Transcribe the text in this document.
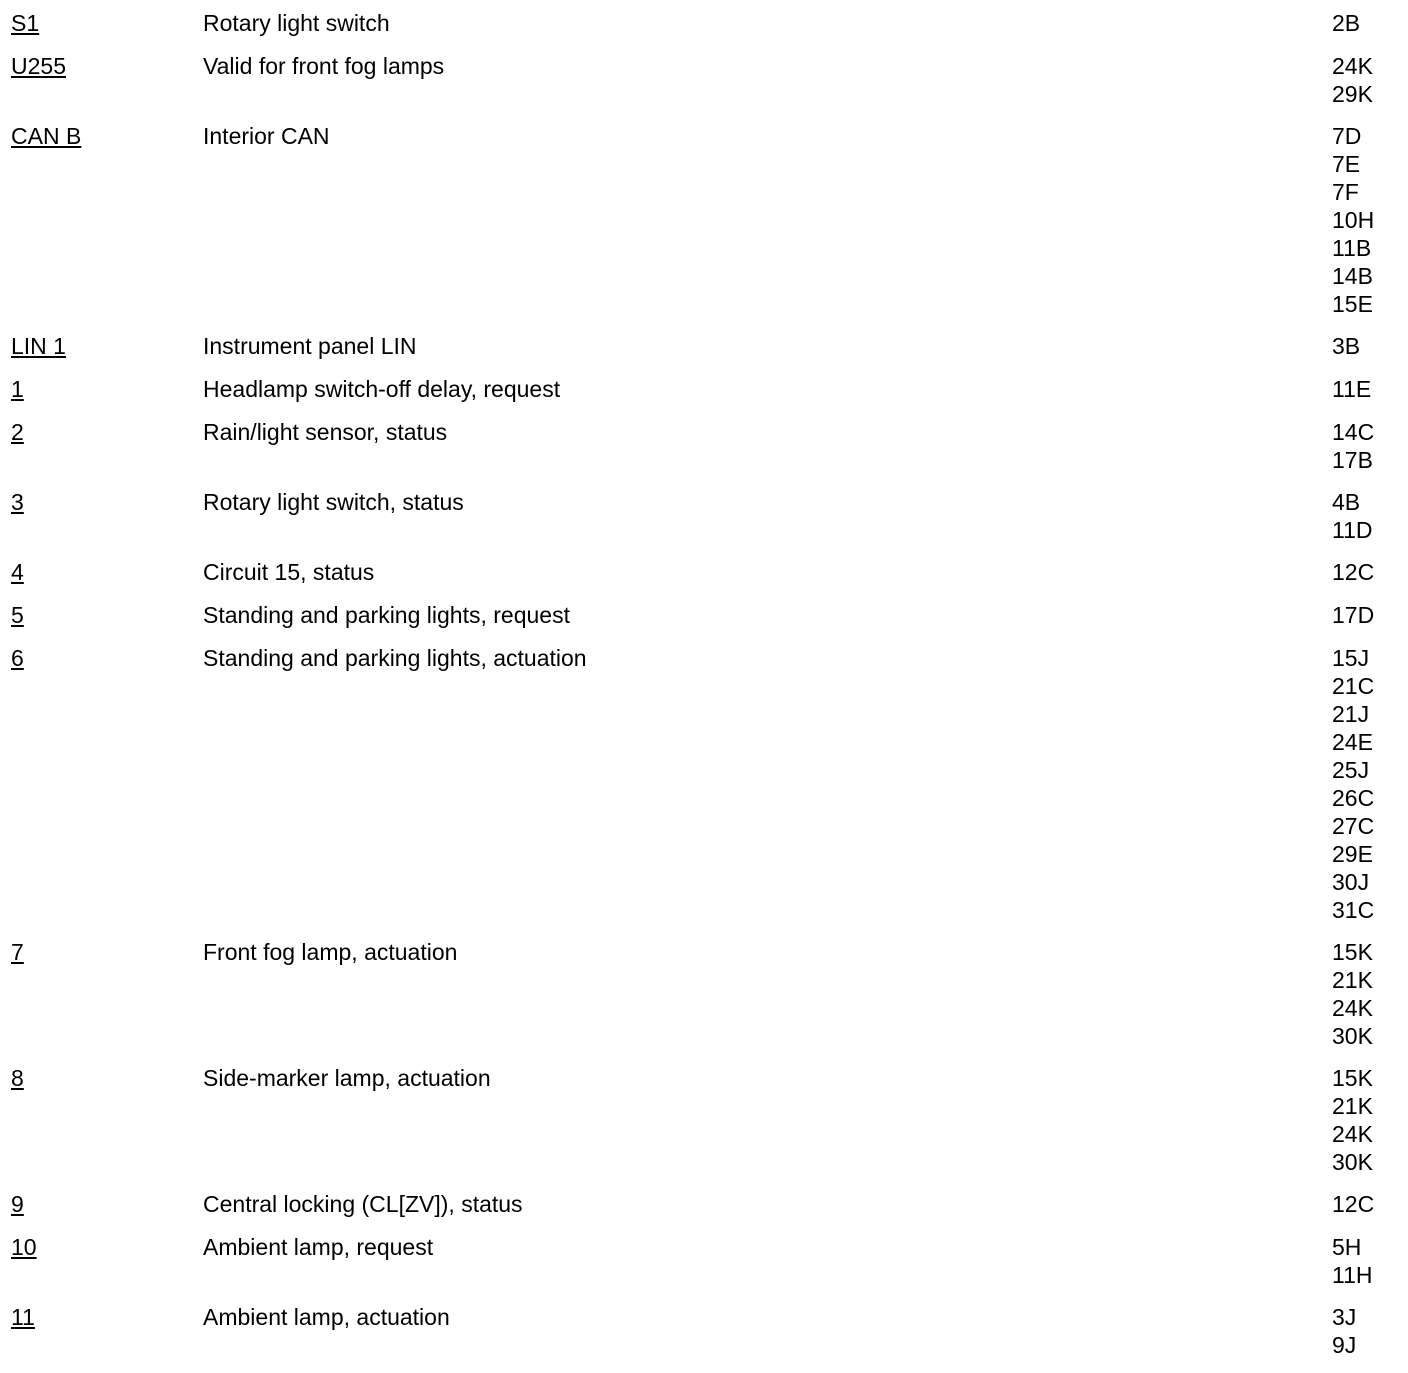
S1	Rotary light switch	2B
U255	Valid for front fog lamps	24K
29K
CAN B	Interior CAN	7D
7E
7F
10H
11B
14B
15E
LIN 1	Instrument panel LIN	3B
1	Headlamp switch-off delay, request	11E
2	Rain/light sensor, status	14C
17B
3	Rotary light switch, status	4B
11D
4	Circuit 15, status	12C
5	Standing and parking lights, request	17D
6	Standing and parking lights, actuation	15J
21C
21J
24E
25J
26C
27C
29E
30J
31C
7	Front fog lamp, actuation	15K
21K
24K
30K
8	Side-marker lamp, actuation	15K
21K
24K
30K
9	Central locking (CL[ZV]), status	12C
10	Ambient lamp, request	5H
11H
11	Ambient lamp, actuation	3J
9J
